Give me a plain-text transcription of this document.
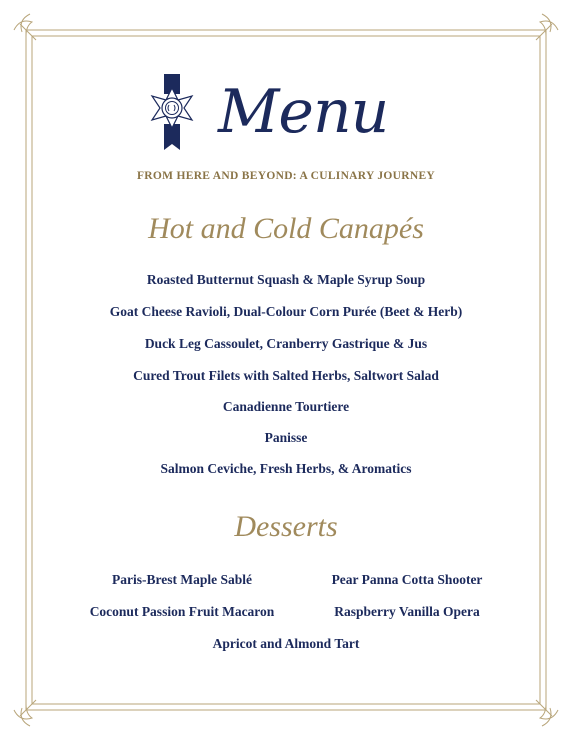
Menu
FROM HERE AND BEYOND: A CULINARY JOURNEY
Hot and Cold Canapés
Roasted Butternut Squash & Maple Syrup Soup
Goat Cheese Ravioli, Dual-Colour Corn Purée (Beet & Herb)
Duck Leg Cassoulet, Cranberry Gastrique & Jus
Cured Trout Filets with Salted Herbs, Saltwort Salad
Canadienne Tourtiere
Panisse
Salmon Ceviche, Fresh Herbs, & Aromatics
Desserts
Paris-Brest Maple Sablé	Pear Panna Cotta Shooter
Coconut Passion Fruit Macaron	Raspberry Vanilla Opera
Apricot and Almond Tart
